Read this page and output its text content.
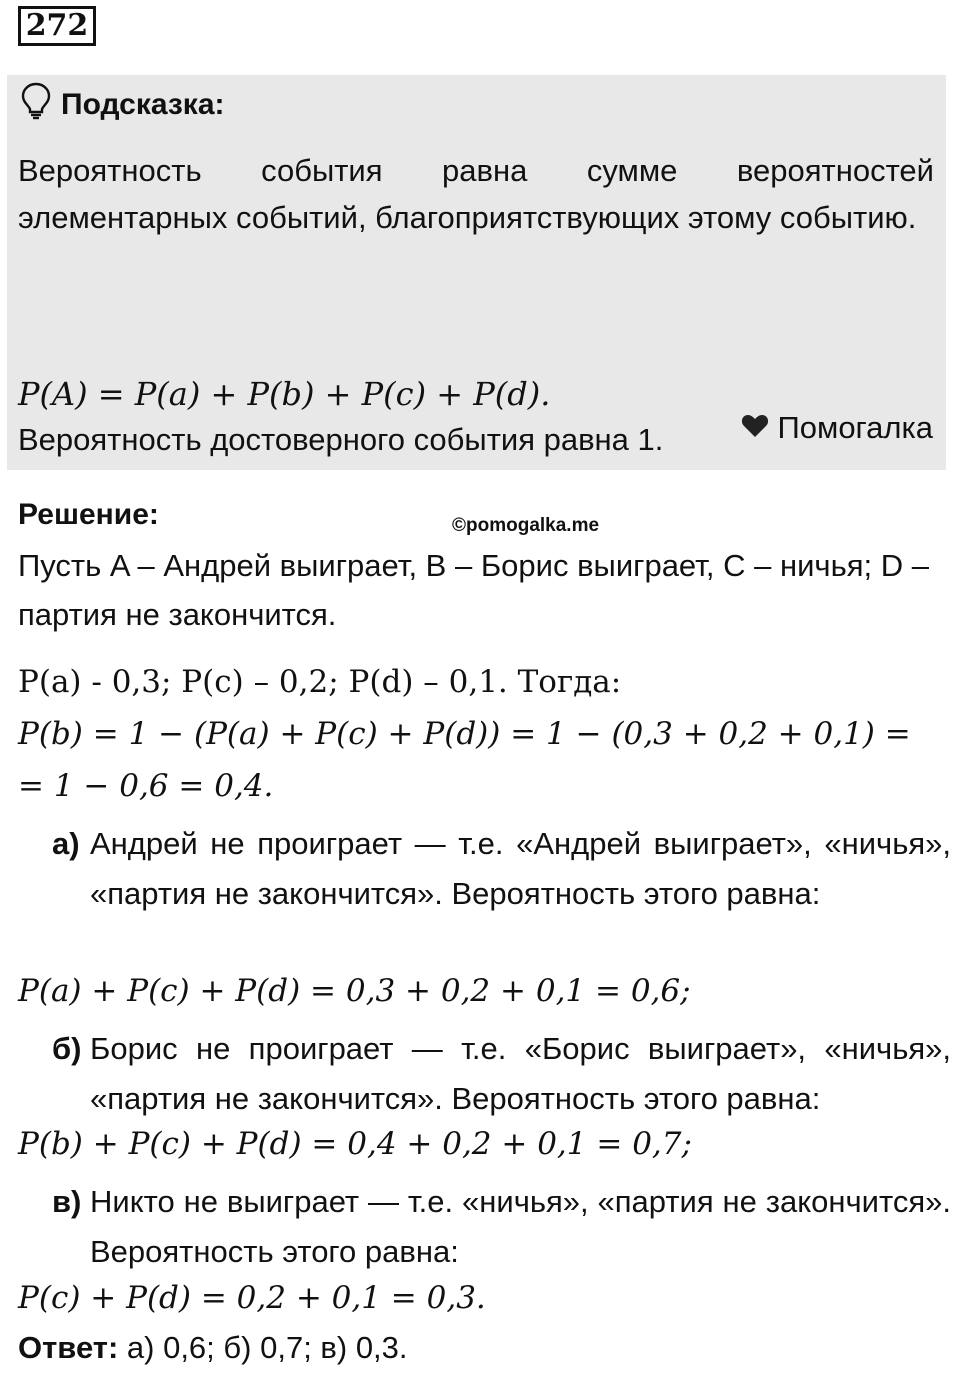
272
Подсказка:
Вероятность события равна сумме вероятностей элементарных событий, благоприятствующих этому событию.
P(A) = P(a) + P(b) + P(c) + P(d).
Вероятность достоверного события равна 1.	Помогалка
Решение:	©pomogalka.me
Пусть A – Андрей выиграет, B – Борис выиграет, C – ничья; D – партия не закончится.
P(a) - 0,3; P(c) – 0,2; P(d) – 0,1. Тогда:
P(b) = 1 − (P(a) + P(c) + P(d)) = 1 − (0,3 + 0,2 + 0,1) =
= 1 − 0,6 = 0,4.
а) Андрей не проиграет — т.е. «Андрей выиграет», «ничья», «партия не закончится». Вероятность этого равна:
P(a) + P(c) + P(d) = 0,3 + 0,2 + 0,1 = 0,6;
б) Борис не проиграет — т.е. «Борис выиграет», «ничья», «партия не закончится». Вероятность этого равна:
P(b) + P(c) + P(d) = 0,4 + 0,2 + 0,1 = 0,7;
в) Никто не выиграет — т.е. «ничья», «партия не закончится». Вероятность этого равна:
P(c) + P(d) = 0,2 + 0,1 = 0,3.
Ответ: а) 0,6; б) 0,7; в) 0,3.
